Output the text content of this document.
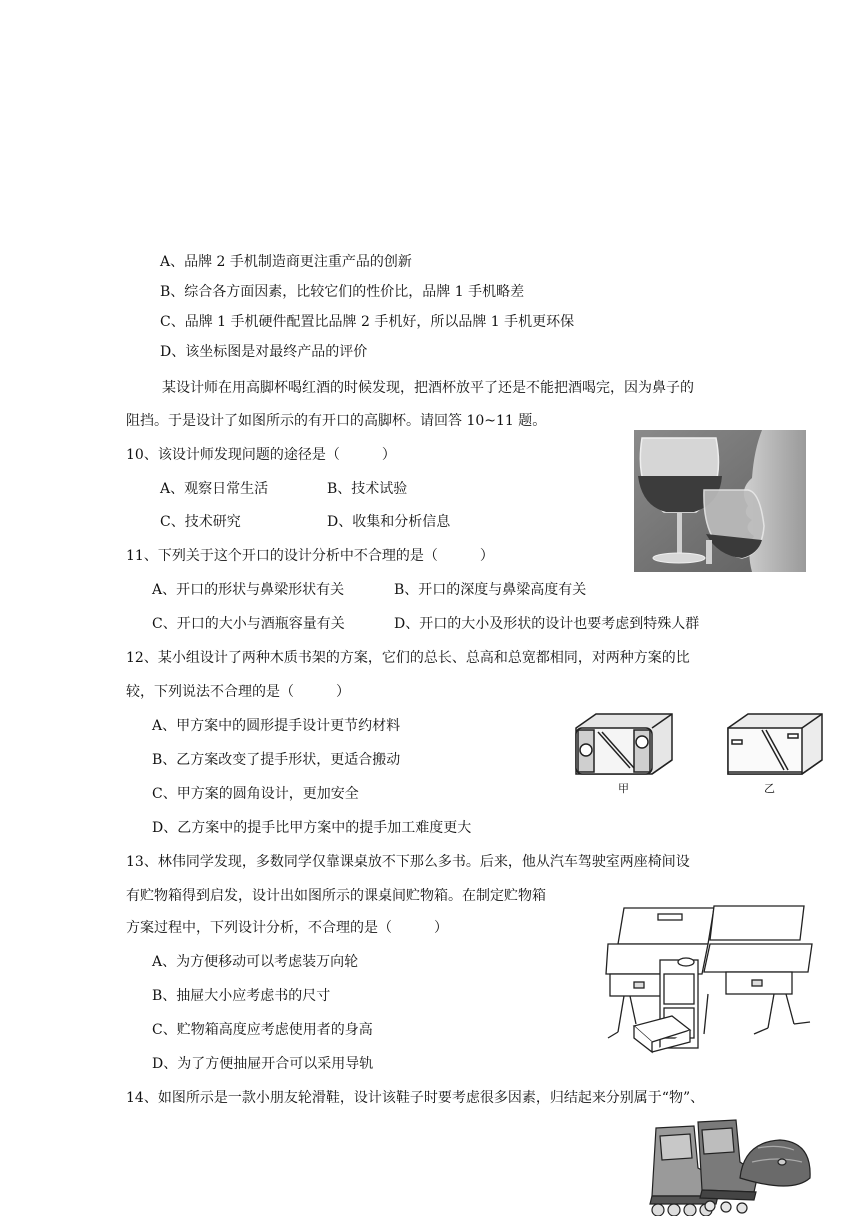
A、品牌 2 手机制造商更注重产品的创新
B、综合各方面因素，比较它们的性价比，品牌 1 手机略差
C、品牌 1 手机硬件配置比品牌 2 手机好，所以品牌 1 手机更环保
D、该坐标图是对最终产品的评价
某设计师在用高脚杯喝红酒的时候发现，把酒杯放平了还是不能把酒喝完，因为鼻子的
阻挡。于是设计了如图所示的有开口的高脚杯。请回答 10~11 题。
10、该设计师发现问题的途径是（　　　）
A、观察日常生活	B、技术试验
C、技术研究	D、收集和分析信息
11、下列关于这个开口的设计分析中不合理的是（　　　）
A、开口的形状与鼻梁形状有关	B、开口的深度与鼻梁高度有关
C、开口的大小与酒瓶容量有关	D、开口的大小及形状的设计也要考虑到特殊人群
12、某小组设计了两种木质书架的方案，它们的总长、总高和总宽都相同，对两种方案的比
较，下列说法不合理的是（　　　）
A、甲方案中的圆形提手设计更节约材料
B、乙方案改变了提手形状，更适合搬动
C、甲方案的圆角设计，更加安全
D、乙方案中的提手比甲方案中的提手加工难度更大
甲	乙
13、林伟同学发现，多数同学仅靠课桌放不下那么多书。后来，他从汽车驾驶室两座椅间设
有贮物箱得到启发，设计出如图所示的课桌间贮物箱。在制定贮物箱
方案过程中，下列设计分析，不合理的是（　　　）
A、为方便移动可以考虑装万向轮
B、抽屉大小应考虑书的尺寸
C、贮物箱高度应考虑使用者的身高
D、为了方便抽屉开合可以采用导轨
14、如图所示是一款小朋友轮滑鞋，设计该鞋子时要考虑很多因素，归结起来分别属于“物”、
